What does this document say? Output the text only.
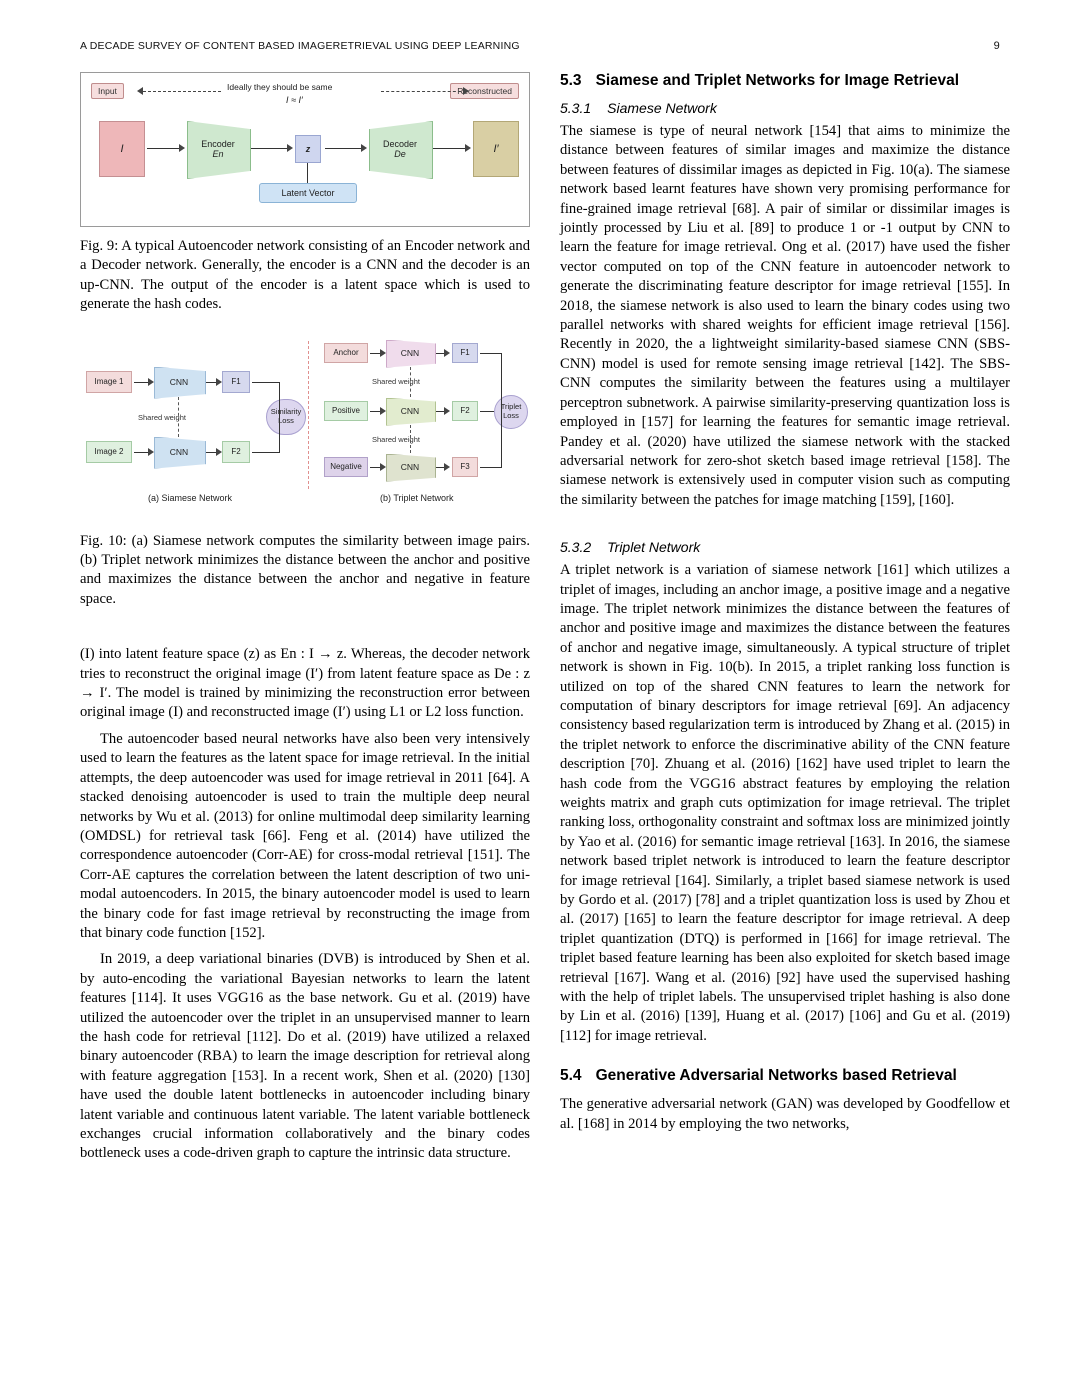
A DECADE SURVEY OF CONTENT BASED IMAGERETRIEVAL USING DEEP LEARNING	9
Input	Reconstructed
Ideally they should be same
I ≈ I′
I	Encoder
En
z
Latent Vector
Decoder
De	I′

Fig. 9: A typical Autoencoder network consisting of an Encoder network and a Decoder network. Generally, the encoder is a CNN and the decoder is an up-CNN. The output of the encoder is a latent space which is used to generate the hash codes.

Image 1
Image 2
CNN
CNN
F1
F2
Similarity
Loss
Shared weight
(a) Siamese Network
Anchor
Positive
Negative
CNN
CNN
CNN
F1
F2
F3
Triplet
Loss
Shared weight
Shared weight
(b) Triplet Network

Fig. 10: (a) Siamese network computes the similarity between image pairs. (b) Triplet network minimizes the distance between the anchor and positive and maximizes the distance between the anchor and negative in feature space.

(I) into latent feature space (z) as En : I → z. Whereas, the decoder network tries to reconstruct the original image (I′) from latent feature space as De : z → I′. The model is trained by minimizing the reconstruction error between original image (I) and reconstructed image (I′) using L1 or L2 loss function.

The autoencoder based neural networks have also been very intensively used to learn the features as the latent space for image retrieval. In the initial attempts, the deep autoencoder was used for image retrieval in 2011 [64]. A stacked denoising autoencoder is used to train the multiple deep neural networks by Wu et al. (2013) for online multimodal deep similarity learning (OMDSL) for retrieval task [66]. Feng et al. (2014) have utilized the correspondence autoencoder (Corr-AE) for cross-modal retrieval [151]. The Corr-AE captures the correlation between the latent description of two uni-modal autoencoders. In 2015, the binary autoencoder model is used to learn the binary code for fast image retrieval by reconstructing the image from that binary code function [152].

In 2019, a deep variational binaries (DVB) is introduced by Shen et al. by auto-encoding the variational Bayesian networks to learn the latent features [114]. It uses VGG16 as the base network. Gu et al. (2019) have utilized the autoencoder over the triplet in an unsupervised manner to learn the hash code for retrieval [112]. Do et al. (2019) have utilized a relaxed binary autoencoder (RBA) to learn the image description for retrieval along with feature aggregation [153]. In a recent work, Shen et al. (2020) [130] have used the double latent bottlenecks in autoencoder including binary latent variable and continuous latent variable. The latent variable bottleneck exchanges crucial information collaboratively and the binary codes bottleneck uses a code-driven graph to capture the intrinsic data structure.

5.3 Siamese and Triplet Networks for Image Retrieval
5.3.1 Siamese Network

The siamese is type of neural network [154] that aims to minimize the distance between features of similar images and maximize the distance between features of dissimilar images as depicted in Fig. 10(a). The siamese network based learnt features have shown very promising performance for fine-grained image retrieval [68]. A pair of similar or dissimilar images is jointly processed by Liu et al. [89] to produce 1 or -1 output by CNN to learn the feature for image retrieval. Ong et al. (2017) have used the fisher vector computed on top of the CNN feature in autoencoder network to generate the discriminating feature descriptor for image retrieval [155]. In 2018, the siamese network is also used to learn the binary codes using two parallel networks with shared weights for efficient image retrieval [156]. Recently in 2020, the a lightweight similarity-based siamese CNN (SBS-CNN) model is used for remote sensing image retrieval [142]. The SBS-CNN computes the similarity between the features using a multilayer perceptron subnetwork. A pairwise similarity-preserving quantization loss is employed in [157] for learning the features for semantic image retrieval. Pandey et al. (2020) have utilized the siamese network with the stacked adversarial network for zero-shot sketch based image retrieval [158]. The siamese network is extensively used in computer vision such as computing the similarity between the patches for image matching [159], [160].

5.3.2 Triplet Network

A triplet network is a variation of siamese network [161] which utilizes a triplet of images, including an anchor image, a positive image and a negative image. The triplet network minimizes the distance between the features of anchor and positive image and maximizes the distance between the features of anchor and negative image, simultaneously. A typical structure of triplet network is shown in Fig. 10(b). In 2015, a triplet ranking loss function is utilized on top of the shared CNN features to learn the network for computation of binary descriptors for image retrieval [69]. An adjacency consistency based regularization term is introduced by Zhang et al. (2015) in the triplet network to enforce the discriminative ability of the CNN feature description [70]. Zhuang et al. (2016) [162] have used triplet to learn the hash code from the VGG16 abstract features by employing the relation weights matrix and graph cuts optimization for image retrieval. The triplet ranking loss, orthogonality constraint and softmax loss are minimized jointly by Yao et al. (2016) for semantic image retrieval [163]. In 2016, the siamese network based triplet network is introduced to learn the feature descriptor for image retrieval [164]. Similarly, a triplet based siamese network is used by Gordo et al. (2017) [78] and a triplet quantization loss is used by Zhou et al. (2017) [165] to learn the feature descriptor for image retrieval. A deep triplet quantization (DTQ) is performed in [166] for image retrieval. The triplet based feature learning has been also exploited for sketch based image retrieval [167]. Wang et al. (2016) [92] have used the supervised hashing with the help of triplet labels. The unsupervised triplet hashing is also done by Lin et al. (2016) [139], Huang et al. (2017) [106] and Gu et al. (2019) [112] for image retrieval.

5.4 Generative Adversarial Networks based Retrieval

The generative adversarial network (GAN) was developed by Goodfellow et al. [168] in 2014 by employing the two networks,
